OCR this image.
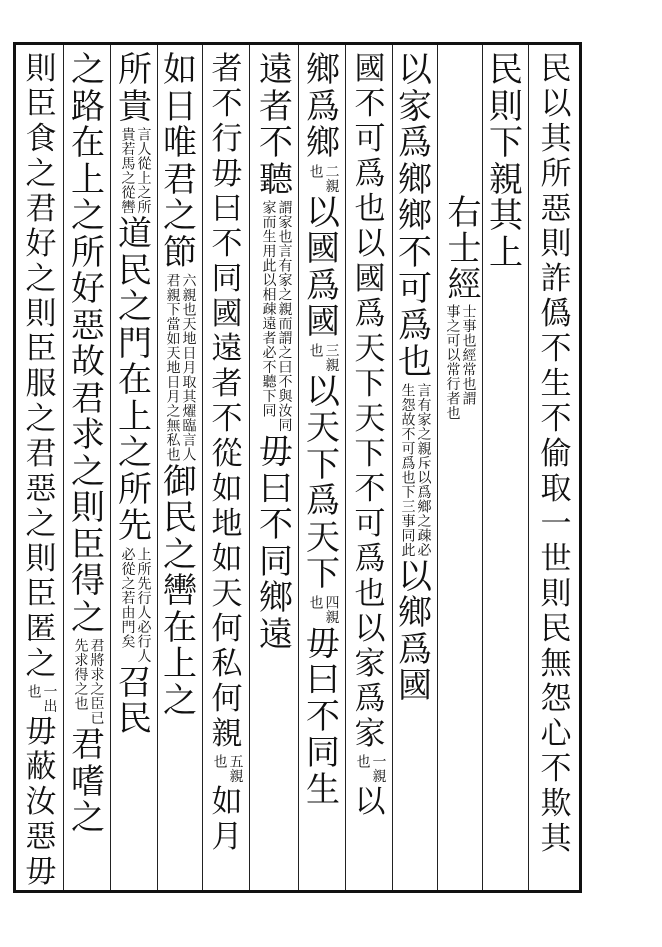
民
以
其
所
惡
則
詐
僞
不
生
不
偷
取
一
世
則
民
無
怨
心
不
欺
其
民
則
下
親
其
上
右士經
士事也經常也謂
事之可以常行者也
以
家
爲
鄉
鄉
不
可
爲
也
言有家之親斥以爲鄉之疎必
生怨故不可爲也下三事同此
以
鄉
爲
國
國
不
可
爲
也
以
國
爲
天
下
天
下
不
可
爲
也
以
家
爲
家
一親
也
以
鄉
爲
鄉
二親
也
以
國
爲
國
三親
也
以
天
下
爲
天
下
四親
也
毋
曰
不
同
生
遠
者
不
聽
謂家也言有家之親而謂之曰不與汝同
家而生用此以相疎遠者必不聽下同
毋
曰
不
同
鄉
遠
者
不
行
毋
曰
不
同
國
遠
者
不
從
如
地
如
天
何
私
何
親
五親
也
如
月
如
日
唯
君
之
節
六親也天地日月取其燿臨言人
君親下當如天地日月之無私也
御
民
之
轡
在
上
之
所
貴
言人從上之所
貴若馬之從轡
道
民
之
門
在
上
之
所
先
上所先行人必行人
必從之若由門矣
召
民
之
路
在
上
之
所
好
惡
故
君
求
之
則
臣
得
之
君將求之臣已
先求得之也
君
嗜
之
則
臣
食
之
君
好
之
則
臣
服
之
君
惡
之
則
臣
匿
之
一出
也
毋
蔽
汝
惡
毋
